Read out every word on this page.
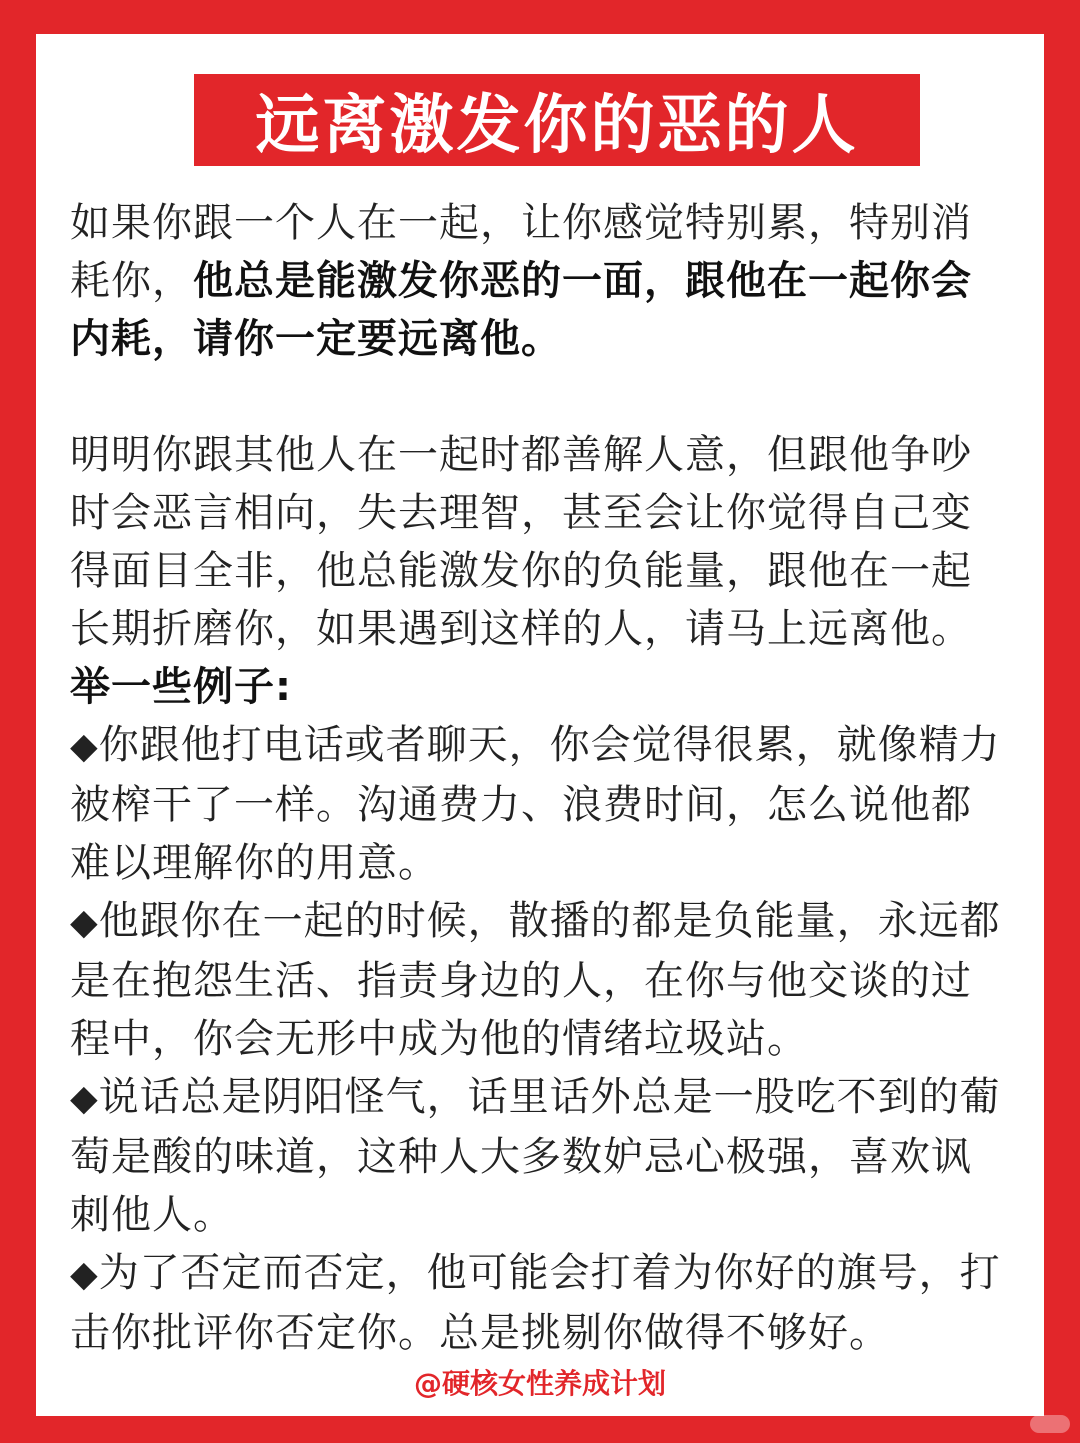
远离激发你的恶的人

如果你跟一个人在一起，让你感觉特别累，特别消耗你，他总是能激发你恶的一面，跟他在一起你会内耗，请你一定要远离他。

明明你跟其他人在一起时都善解人意，但跟他争吵时会恶言相向，失去理智，甚至会让你觉得自己变得面目全非，他总能激发你的负能量，跟他在一起长期折磨你，如果遇到这样的人，请马上远离他。

举一些例子:

◆你跟他打电话或者聊天，你会觉得很累，就像精力被榨干了一样。沟通费力、浪费时间，怎么说他都难以理解你的用意。

◆他跟你在一起的时候，散播的都是负能量，永远都是在抱怨生活、指责身边的人，在你与他交谈的过程中，你会无形中成为他的情绪垃圾站。

◆说话总是阴阳怪气，话里话外总是一股吃不到的葡萄是酸的味道，这种人大多数妒忌心极强，喜欢讽刺他人。

◆为了否定而否定，他可能会打着为你好的旗号，打击你批评你否定你。总是挑剔你做得不够好。

@硬核女性养成计划
